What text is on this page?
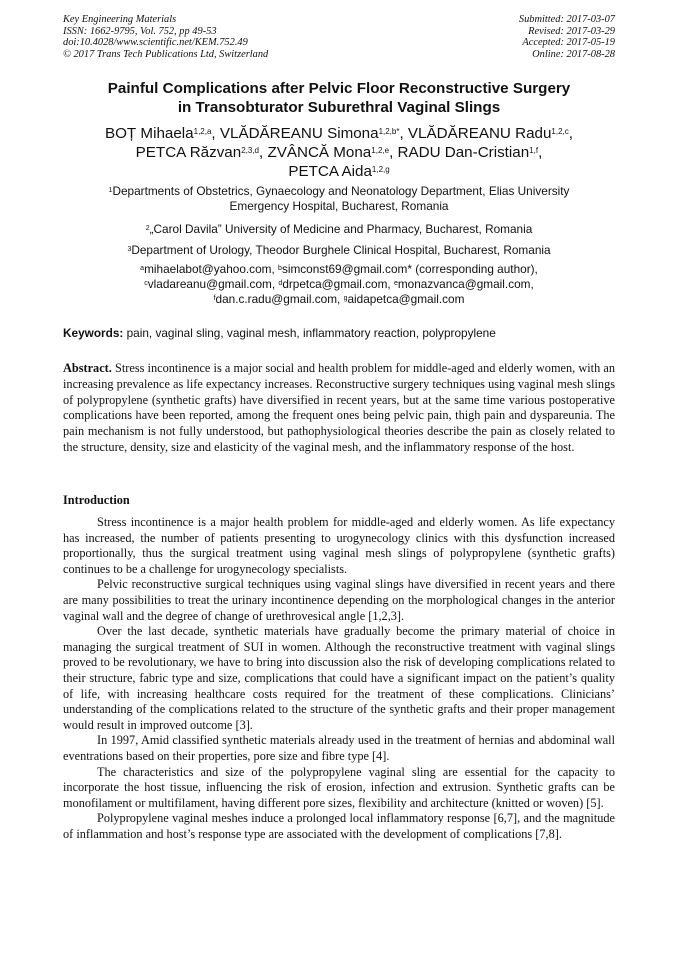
Key Engineering Materials
ISSN: 1662-9795, Vol. 752, pp 49-53
doi:10.4028/www.scientific.net/KEM.752.49
© 2017 Trans Tech Publications Ltd, Switzerland
Submitted: 2017-03-07
Revised: 2017-03-29
Accepted: 2017-05-19
Online: 2017-08-28
Painful Complications after Pelvic Floor Reconstructive Surgery
in Transobturator Suburethral Vaginal Slings
BOȚ Mihaela$^{1,2,a}$, VLĂDĂREANU Simona$^{1,2,b*}$, VLĂDĂREANU Radu$^{1,2,c}$,
PETCA Răzvan$^{2,3,d}$, ZVÂNCĂ Mona$^{1,2,e}$, RADU Dan-Cristian$^{1,f}$,
PETCA Aida$^{1,2,g}$
$^1$Departments of Obstetrics, Gynaecology and Neonatology Department, Elias University
Emergency Hospital, Bucharest, Romania
$^2$„Carol Davila” University of Medicine and Pharmacy, Bucharest, Romania
$^3$Department of Urology, Theodor Burghele Clinical Hospital, Bucharest, Romania
$^a$mihaelabot@yahoo.com, $^b$simconst69@gmail.com* (corresponding author),
$^c$vladareanu@gmail.com, $^d$drpetca@gmail.com, $^e$monazvanca@gmail.com,
$^f$dan.c.radu@gmail.com, $^g$aidapetca@gmail.com
Keywords: pain, vaginal sling, vaginal mesh, inflammatory reaction, polypropylene
Abstract. Stress incontinence is a major social and health problem for middle-aged and elderly women, with an increasing prevalence as life expectancy increases. Reconstructive surgery techniques using vaginal mesh slings of polypropylene (synthetic grafts) have diversified in recent years, but at the same time various postoperative complications have been reported, among the frequent ones being pelvic pain, thigh pain and dyspareunia. The pain mechanism is not fully understood, but pathophysiological theories describe the pain as closely related to the structure, density, size and elasticity of the vaginal mesh, and the inflammatory response of the host.
Introduction

Stress incontinence is a major health problem for middle-aged and elderly women. As life expectancy has increased, the number of patients presenting to urogynecology clinics with this dysfunction increased proportionally, thus the surgical treatment using vaginal mesh slings of polypropylene (synthetic grafts) continues to be a challenge for urogynecology specialists.

Pelvic reconstructive surgical techniques using vaginal slings have diversified in recent years and there are many possibilities to treat the urinary incontinence depending on the morphological changes in the anterior vaginal wall and the degree of change of urethrovesical angle [1,2,3].

Over the last decade, synthetic materials have gradually become the primary material of choice in managing the surgical treatment of SUI in women. Although the reconstructive treatment with vaginal slings proved to be revolutionary, we have to bring into discussion also the risk of developing complications related to their structure, fabric type and size, complications that could have a significant impact on the patient’s quality of life, with increasing healthcare costs required for the treatment of these complications. Clinicians’ understanding of the complications related to the structure of the synthetic grafts and their proper management would result in improved outcome [3].

In 1997, Amid classified synthetic materials already used in the treatment of hernias and abdominal wall eventrations based on their properties, pore size and fibre type [4].

The characteristics and size of the polypropylene vaginal sling are essential for the capacity to incorporate the host tissue, influencing the risk of erosion, infection and extrusion. Synthetic grafts can be monofilament or multifilament, having different pore sizes, flexibility and architecture (knitted or woven) [5].

Polypropylene vaginal meshes induce a prolonged local inflammatory response [6,7], and the magnitude of inflammation and host’s response type are associated with the development of complications [7,8].
